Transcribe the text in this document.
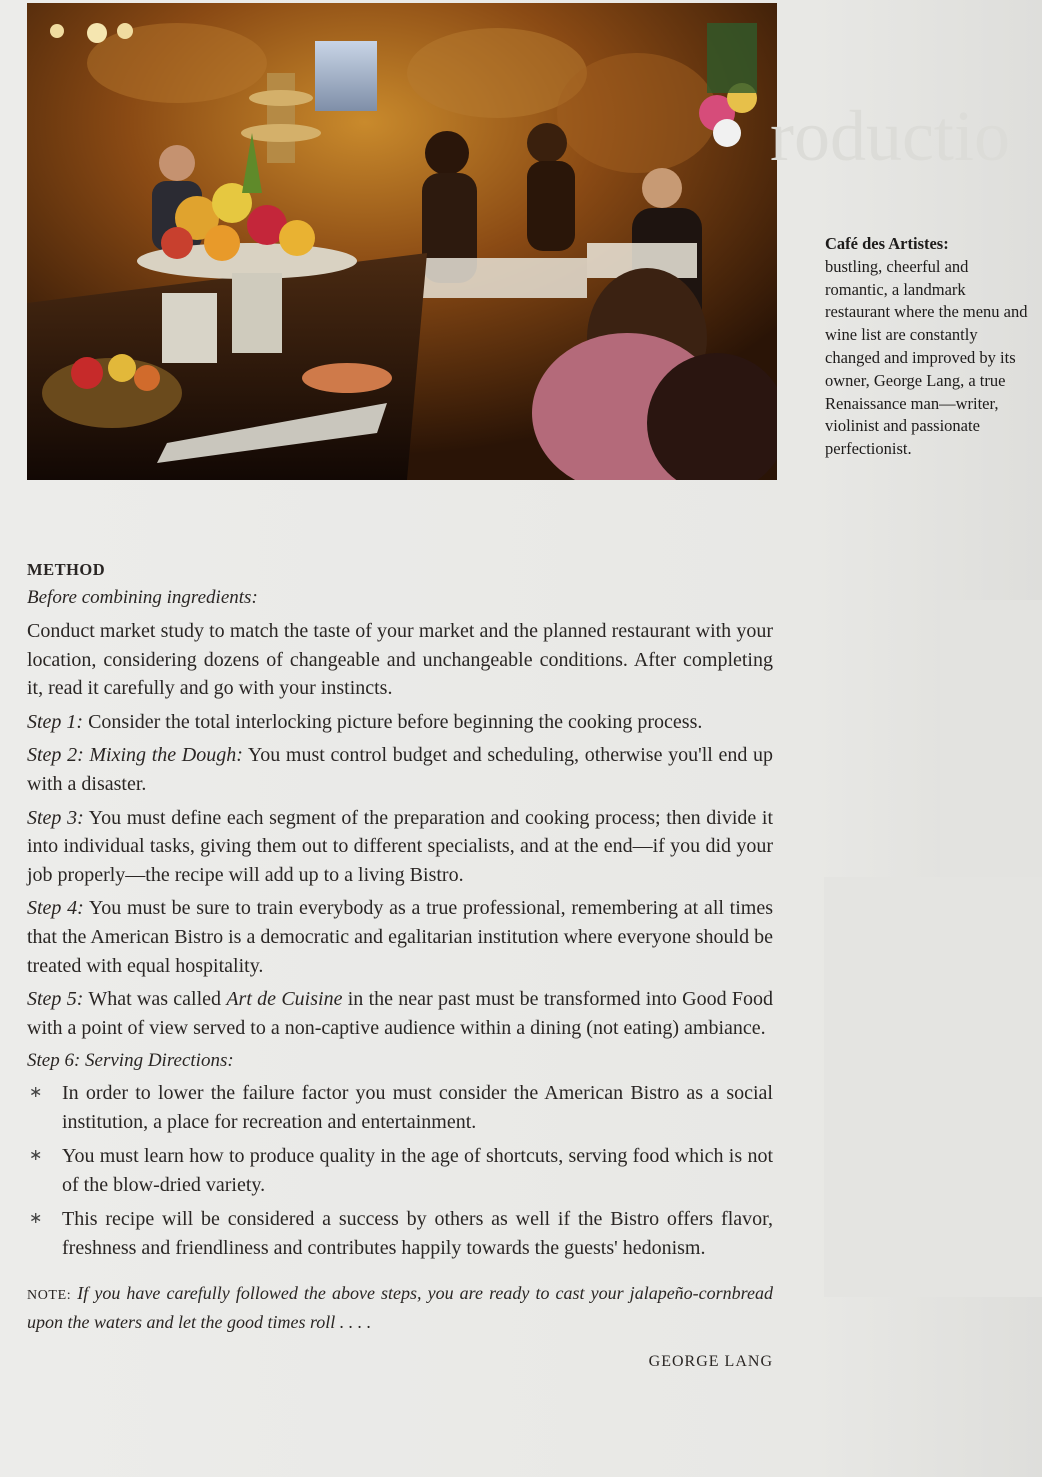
roductio
Café des Artistes:
bustling, cheerful and romantic, a landmark restaurant where the menu and wine list are constantly changed and improved by its owner, George Lang, a true Renaissance man—writer, violinist and passionate perfectionist.
METHOD
Before combining ingredients:

Conduct market study to match the taste of your market and the planned restaurant with your location, considering dozens of changeable and unchangeable conditions. After completing it, read it carefully and go with your instincts.

Step 1: Consider the total interlocking picture before beginning the cooking process.

Step 2: Mixing the Dough: You must control budget and scheduling, otherwise you'll end up with a disaster.

Step 3: You must define each segment of the preparation and cooking process; then divide it into individual tasks, giving them out to different specialists, and at the end—if you did your job properly—the recipe will add up to a living Bistro.

Step 4: You must be sure to train everybody as a true professional, remembering at all times that the American Bistro is a democratic and egalitarian institution where everyone should be treated with equal hospitality.

Step 5: What was called Art de Cuisine in the near past must be transformed into Good Food with a point of view served to a non-captive audience within a dining (not eating) ambiance.

Step 6: Serving Directions:
∗ In order to lower the failure factor you must consider the American Bistro as a social institution, a place for recreation and entertainment.
∗ You must learn how to produce quality in the age of shortcuts, serving food which is not of the blow-dried variety.
∗ This recipe will be considered a success by others as well if the Bistro offers flavor, freshness and friendliness and contributes happily towards the guests' hedonism.
NOTE: If you have carefully followed the above steps, you are ready to cast your jalapeño-cornbread upon the waters and let the good times roll . . . .
GEORGE LANG
